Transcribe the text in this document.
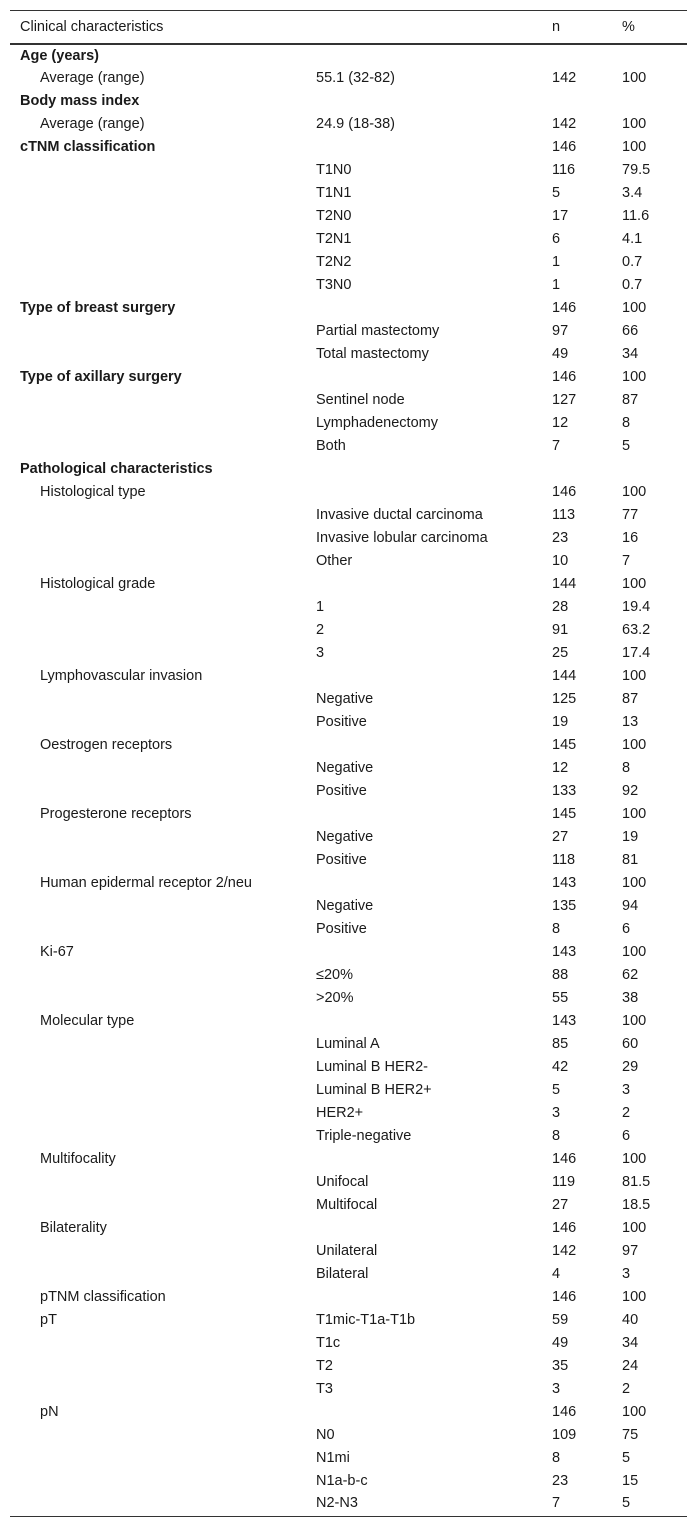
Clinical characteristics		n	%
Age (years)			
Average (range)	55.1 (32-82)	142	100
Body mass index			
Average (range)	24.9 (18-38)	142	100
cTNM classification		146	100
	T1N0	116	79.5
	T1N1	5	3.4
	T2N0	17	11.6
	T2N1	6	4.1
	T2N2	1	0.7
	T3N0	1	0.7
Type of breast surgery		146	100
	Partial mastectomy	97	66
	Total mastectomy	49	34
Type of axillary surgery		146	100
	Sentinel node	127	87
	Lymphadenectomy	12	8
	Both	7	5
Pathological characteristics			
Histological type		146	100
	Invasive ductal carcinoma	113	77
	Invasive lobular carcinoma	23	16
	Other	10	7
Histological grade		144	100
	1	28	19.4
	2	91	63.2
	3	25	17.4
Lymphovascular invasion		144	100
	Negative	125	87
	Positive	19	13
Oestrogen receptors		145	100
	Negative	12	8
	Positive	133	92
Progesterone receptors		145	100
	Negative	27	19
	Positive	118	81
Human epidermal receptor 2/neu		143	100
	Negative	135	94
	Positive	8	6
Ki-67		143	100
	≤20%	88	62
	>20%	55	38
Molecular type		143	100
	Luminal A	85	60
	Luminal B HER2-	42	29
	Luminal B HER2+	5	3
	HER2+	3	2
	Triple-negative	8	6
Multifocality		146	100
	Unifocal	119	81.5
	Multifocal	27	18.5
Bilaterality		146	100
	Unilateral	142	97
	Bilateral	4	3
pTNM classification		146	100
pT	T1mic-T1a-T1b	59	40
	T1c	49	34
	T2	35	24
	T3	3	2
pN		146	100
	N0	109	75
	N1mi	8	5
	N1a-b-c	23	15
	N2-N3	7	5
